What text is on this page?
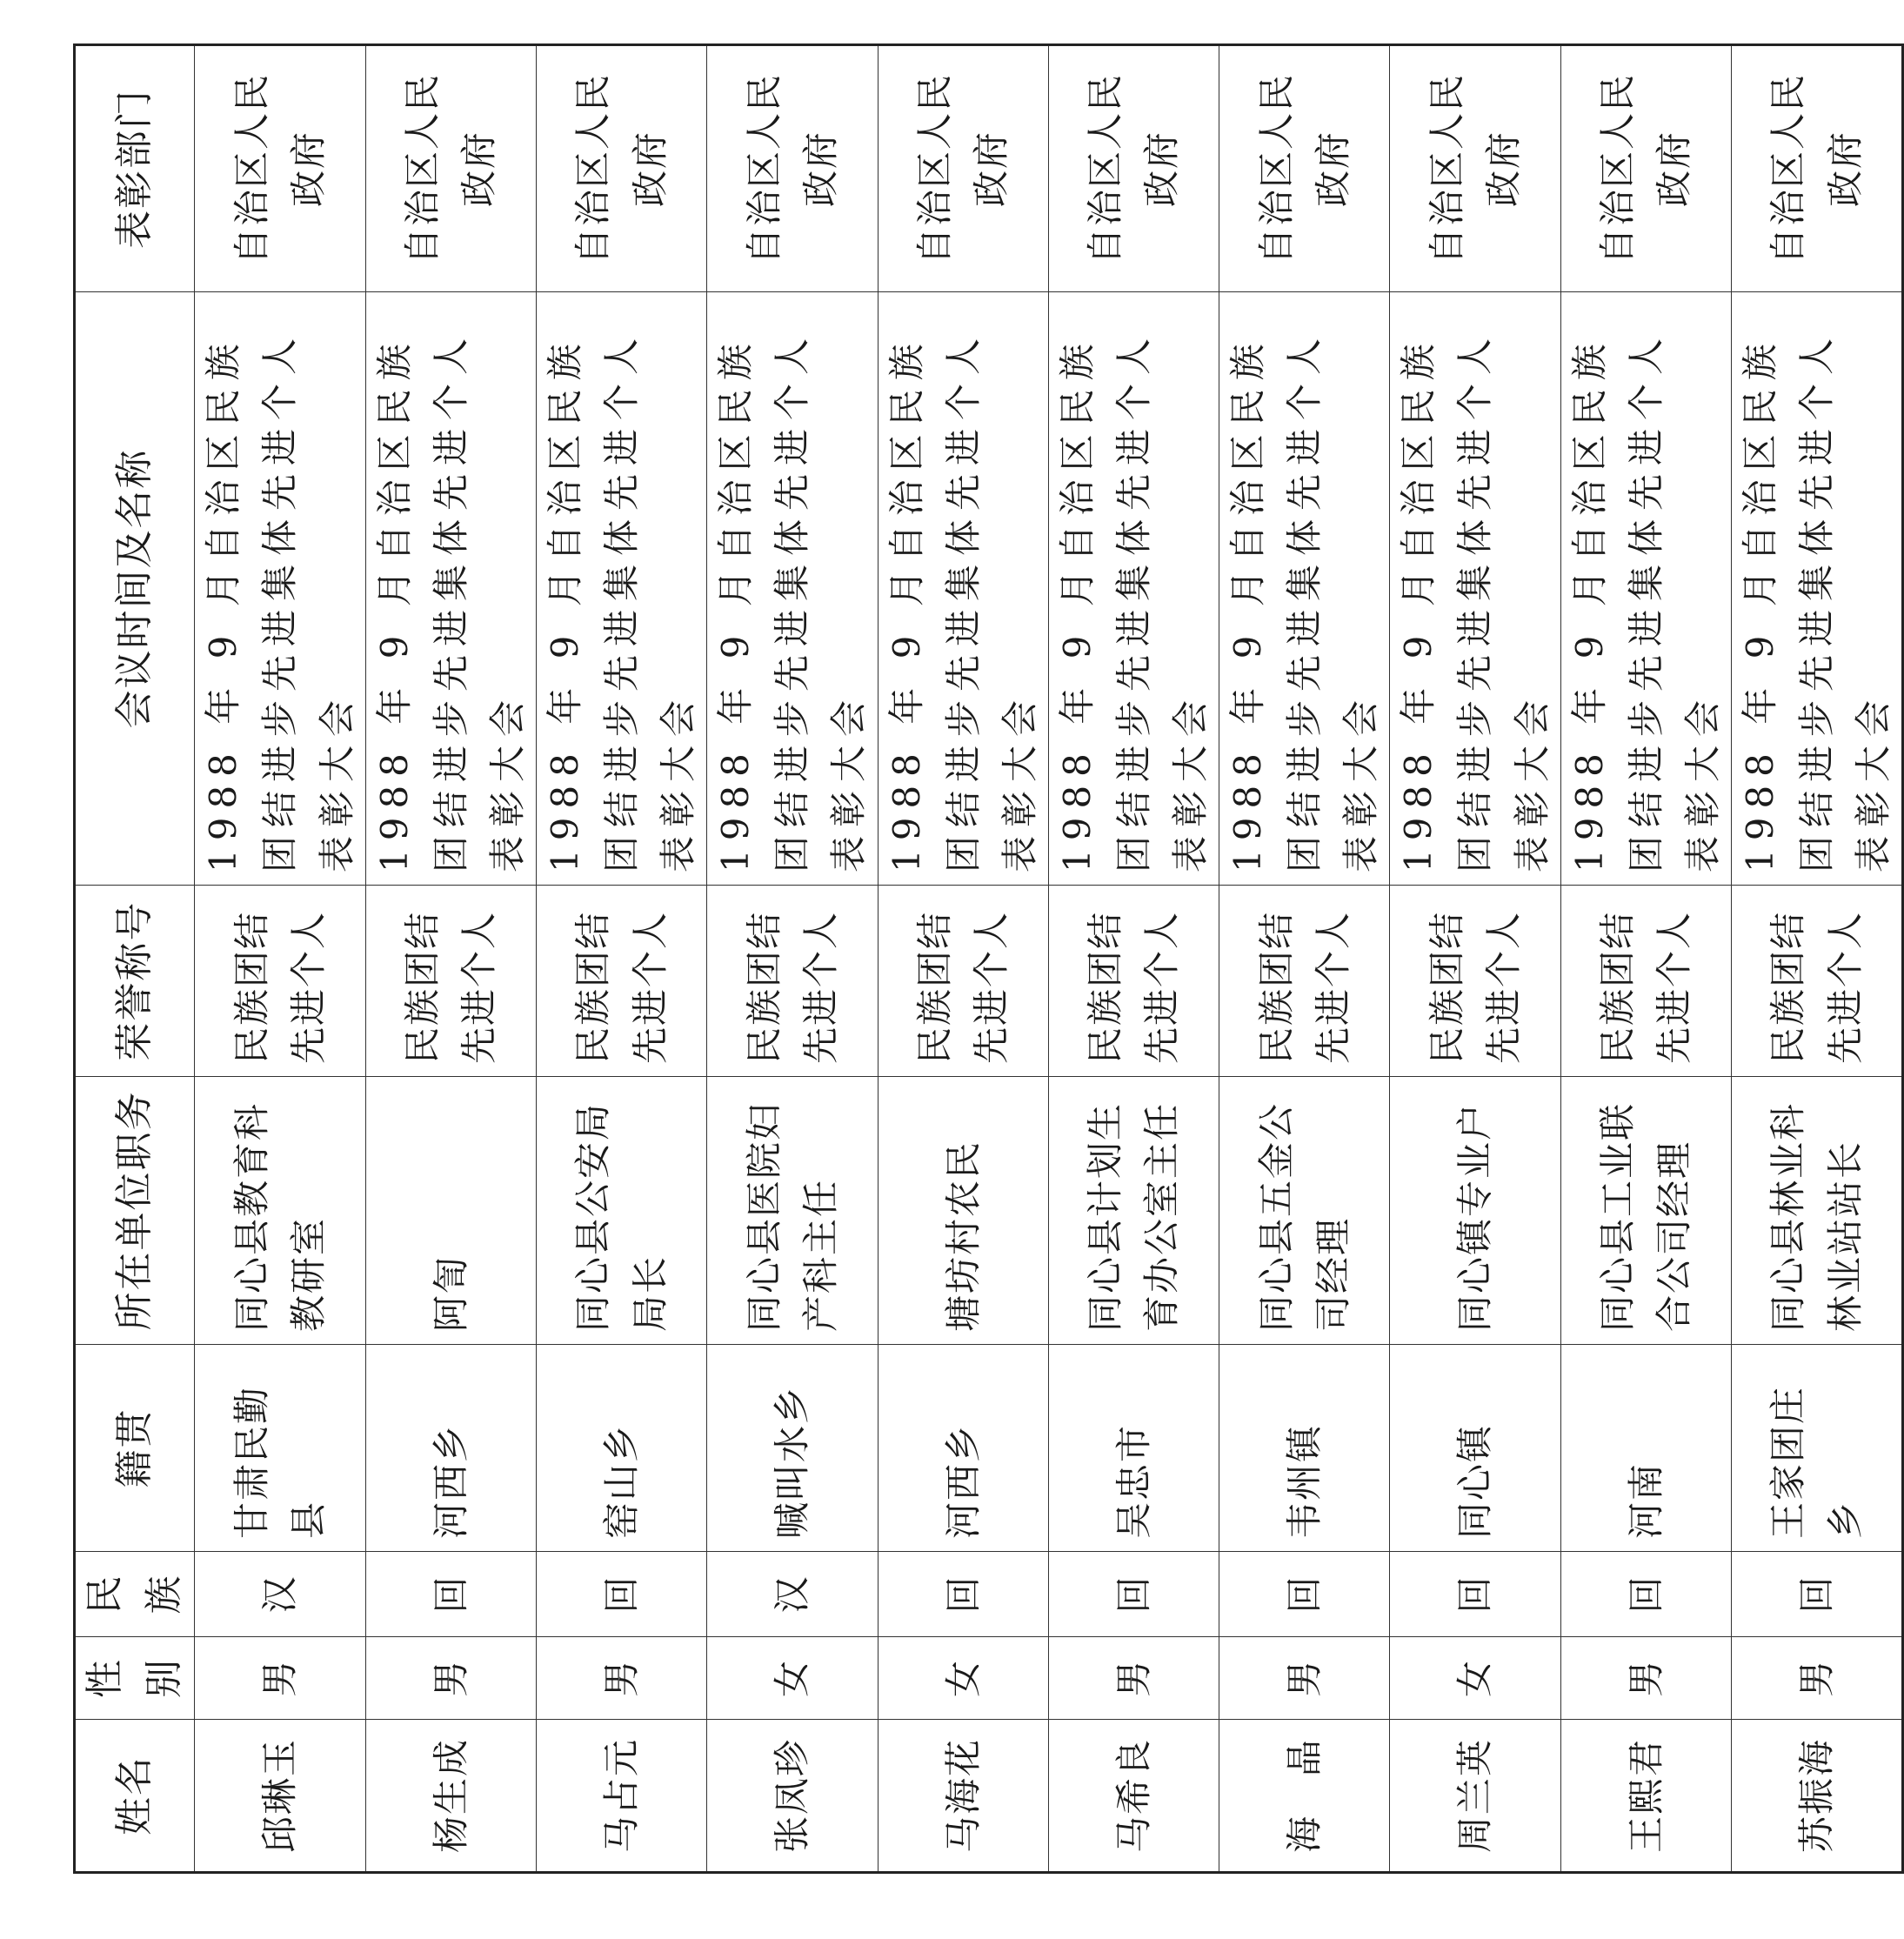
姓名	性别	民族	籍贯	所在单位职务	荣誉称号	会议时间及名称	表彰部门
邱琳玉	男	汉	甘肃民勤县	同心县教育科教研室	民族团结先进个人	1988 年 9 月自治区民族团结进步先进集体先进个人表彰大会	自治区人民政府
杨生成	男	回	河西乡	阿訇	民族团结先进个人	1988 年 9 月自治区民族团结进步先进集体先进个人表彰大会	自治区人民政府
马占元	男	回	窑山乡	同心县公安局局长	民族团结先进个人	1988 年 9 月自治区民族团结进步先进集体先进个人表彰大会	自治区人民政府
张凤珍	女	汉	喊叫水乡	同心县医院妇产科主任	民族团结先进个人	1988 年 9 月自治区民族团结进步先进集体先进个人表彰大会	自治区人民政府
马海花	女	回	河西乡	塘坊村农民	民族团结先进个人	1988 年 9 月自治区民族团结进步先进集体先进个人表彰大会	自治区人民政府
马希良	男	回	吴忠市	同心县计划生育办公室主任	民族团结先进个人	1988 年 9 月自治区民族团结进步先进集体先进个人表彰大会	自治区人民政府
海　晶	男	回	韦州镇	同心县五金公司经理	民族团结先进个人	1988 年 9 月自治区民族团结进步先进集体先进个人表彰大会	自治区人民政府
周兰英	女	回	同心镇	同心镇专业户	民族团结先进个人	1988 年 9 月自治区民族团结进步先进集体先进个人表彰大会	自治区人民政府
王熙君	男	回	河南	同心县工业联合公司经理	民族团结先进个人	1988 年 9 月自治区民族团结进步先进集体先进个人表彰大会	自治区人民政府
苏振海	男	回	王家团庄乡	同心县林业科林业站站长	民族团结先进个人	1988 年 9 月自治区民族团结进步先进集体先进个人表彰大会	自治区人民政府
